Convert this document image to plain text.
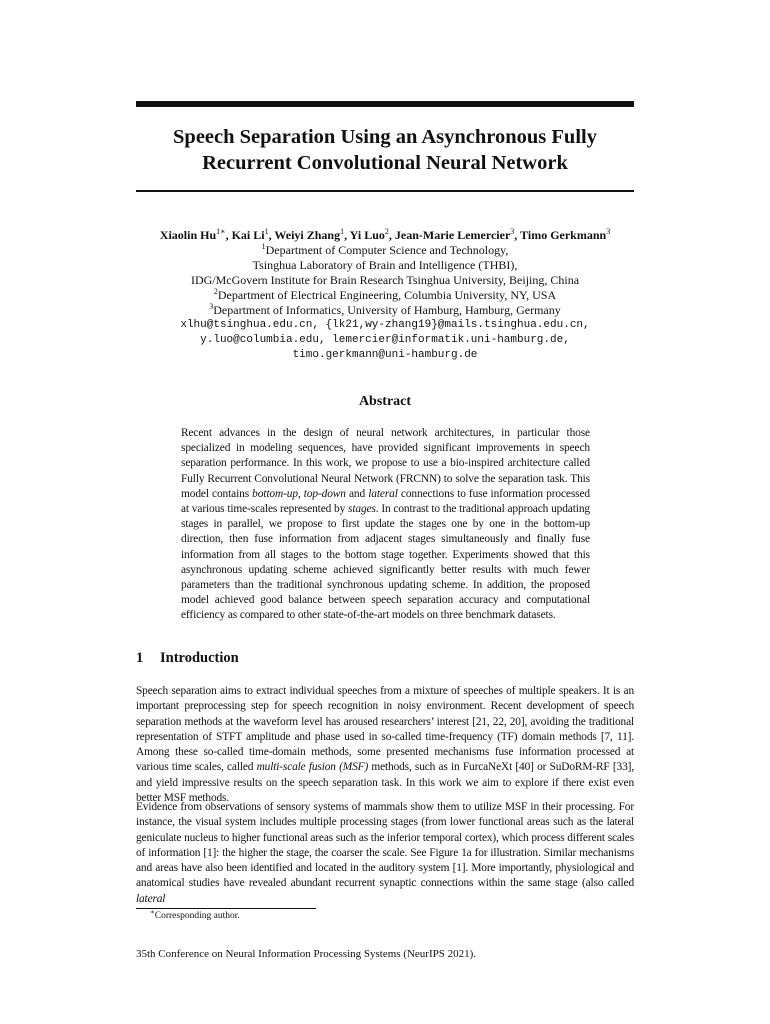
Speech Separation Using an Asynchronous Fully
Recurrent Convolutional Neural Network
Xiaolin $Hu^{1∗}$, Kai Li$^1$, Weiyi Zhang$^1$, Yi Luo$^2$, Jean-Marie Lemercier$^3$, Timo Gerkmann$^3$
$^1$Department of Computer Science and Technology,
Tsinghua Laboratory of Brain and Intelligence (THBI),
IDG/McGovern Institute for Brain Research Tsinghua University, Beijing, China
$^2$Department of Electrical Engineering, Columbia University, NY, USA
$^3$Department of Informatics, University of Hamburg, Hamburg, Germany
xlhu@tsinghua.edu.cn, {lk21,wy-zhang19}@mails.tsinghua.edu.cn,
y.luo@columbia.edu, lemercier@informatik.uni-hamburg.de,
timo.gerkmann@uni-hamburg.de
Abstract
Recent advances in the design of neural network architectures, in particular those specialized in modeling sequences, have provided significant improvements in speech separation performance. In this work, we propose to use a bio-inspired architecture called Fully Recurrent Convolutional Neural Network (FRCNN) to solve the separation task. This model contains bottom-up, top-down and lateral connections to fuse information processed at various time-scales represented by stages. In contrast to the traditional approach updating stages in parallel, we propose to first update the stages one by one in the bottom-up direction, then fuse information from adjacent stages simultaneously and finally fuse information from all stages to the bottom stage together. Experiments showed that this asynchronous updating scheme achieved significantly better results with much fewer parameters than the traditional synchronous updating scheme. In addition, the proposed model achieved good balance between speech separation accuracy and computational efficiency as compared to other state-of-the-art models on three benchmark datasets.
1 Introduction
Speech separation aims to extract individual speeches from a mixture of speeches of multiple speakers. It is an important preprocessing step for speech recognition in noisy environment. Recent development of speech separation methods at the waveform level has aroused researchers’ interest [21, 22, 20], avoiding the traditional representation of STFT amplitude and phase used in so-called time-frequency (TF) domain methods [7, 11]. Among these so-called time-domain methods, some presented mechanisms fuse information processed at various time scales, called multi-scale fusion (MSF) methods, such as in FurcaNeXt [40] or SuDoRM-RF [33], and yield impressive results on the speech separation task. In this work we aim to explore if there exist even better MSF methods.
Evidence from observations of sensory systems of mammals show them to utilize MSF in their processing. For instance, the visual system includes multiple processing stages (from lower functional areas such as the lateral geniculate nucleus to higher functional areas such as the inferior temporal cortex), which process different scales of information [1]: the higher the stage, the coarser the scale. See Figure 1a for illustration. Similar mechanisms and areas have also been identified and located in the auditory system [1]. More importantly, physiological and anatomical studies have revealed abundant recurrent synaptic connections within the same stage (also called lateral
∗Corresponding author.
35th Conference on Neural Information Processing Systems (NeurIPS 2021).
